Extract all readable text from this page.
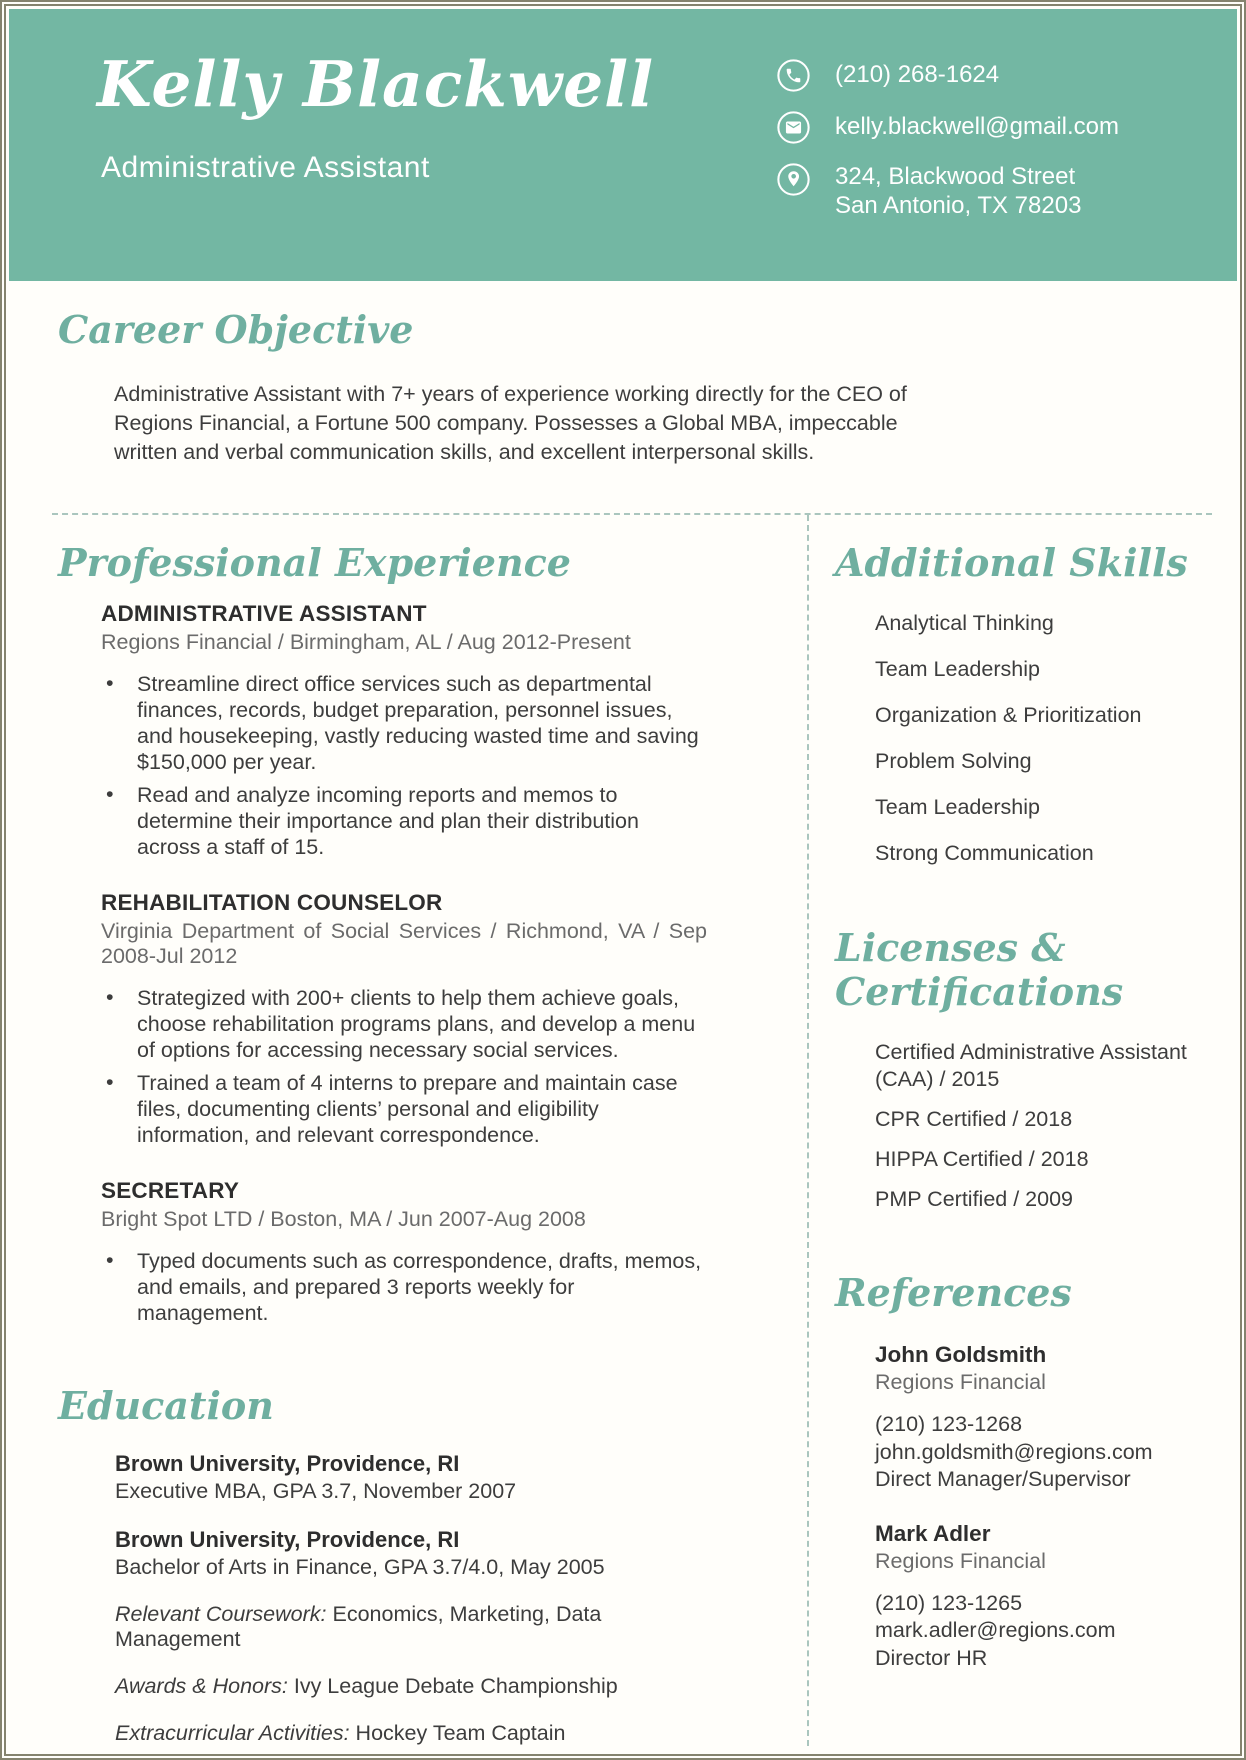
Kelly Blackwell
Administrative Assistant
(210) 268-1624
kelly.blackwell@gmail.com
324, Blackwood Street
San Antonio, TX 78203
Career Objective

Administrative Assistant with 7+ years of experience working directly for the CEO of Regions Financial, a Fortune 500 company. Possesses a Global MBA, impeccable written and verbal communication skills, and excellent interpersonal skills.

Professional Experience
ADMINISTRATIVE ASSISTANT
Regions Financial / Birmingham, AL / Aug 2012-Present
• Streamline direct office services such as departmental finances, records, budget preparation, personnel issues, and housekeeping, vastly reducing wasted time and saving $150,000 per year.
• Read and analyze incoming reports and memos to determine their importance and plan their distribution across a staff of 15.
REHABILITATION COUNSELOR
Virginia Department of Social Services / Richmond, VA / Sep 2008-Jul 2012
• Strategized with 200+ clients to help them achieve goals, choose rehabilitation programs plans, and develop a menu of options for accessing necessary social services.
• Trained a team of 4 interns to prepare and maintain case files, documenting clients’ personal and eligibility information, and relevant correspondence.
SECRETARY
Bright Spot LTD / Boston, MA / Jun 2007-Aug 2008
• Typed documents such as correspondence, drafts, memos, and emails, and prepared 3 reports weekly for management.
Education
Brown University, Providence, RI
Executive MBA, GPA 3.7, November 2007
Brown University, Providence, RI
Bachelor of Arts in Finance, GPA 3.7/4.0, May 2005
Relevant Coursework: Economics, Marketing, Data Management
Awards & Honors: Ivy League Debate Championship
Extracurricular Activities: Hockey Team Captain
Additional Skills
Analytical Thinking
Team Leadership
Organization & Prioritization
Problem Solving
Team Leadership
Strong Communication
Licenses & Certifications
Certified Administrative Assistant (CAA) / 2015
CPR Certified / 2018
HIPPA Certified / 2018
PMP Certified / 2009
References
John Goldsmith
Regions Financial
(210) 123-1268
john.goldsmith@regions.com
Direct Manager/Supervisor
Mark Adler
Regions Financial
(210) 123-1265
mark.adler@regions.com
Director HR
